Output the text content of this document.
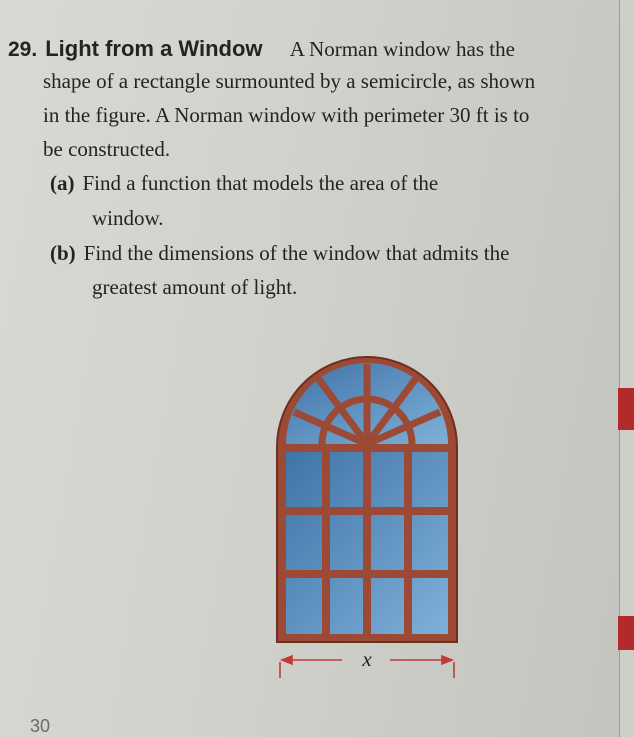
29. Light from a Window A Norman window has the
shape of a rectangle surmounted by a semicircle, as shown
in the figure. A Norman window with perimeter 30 ft is to
be constructed.
(a) Find a function that models the area of the
window.
(b) Find the dimensions of the window that admits the
greatest amount of light.
x
30
